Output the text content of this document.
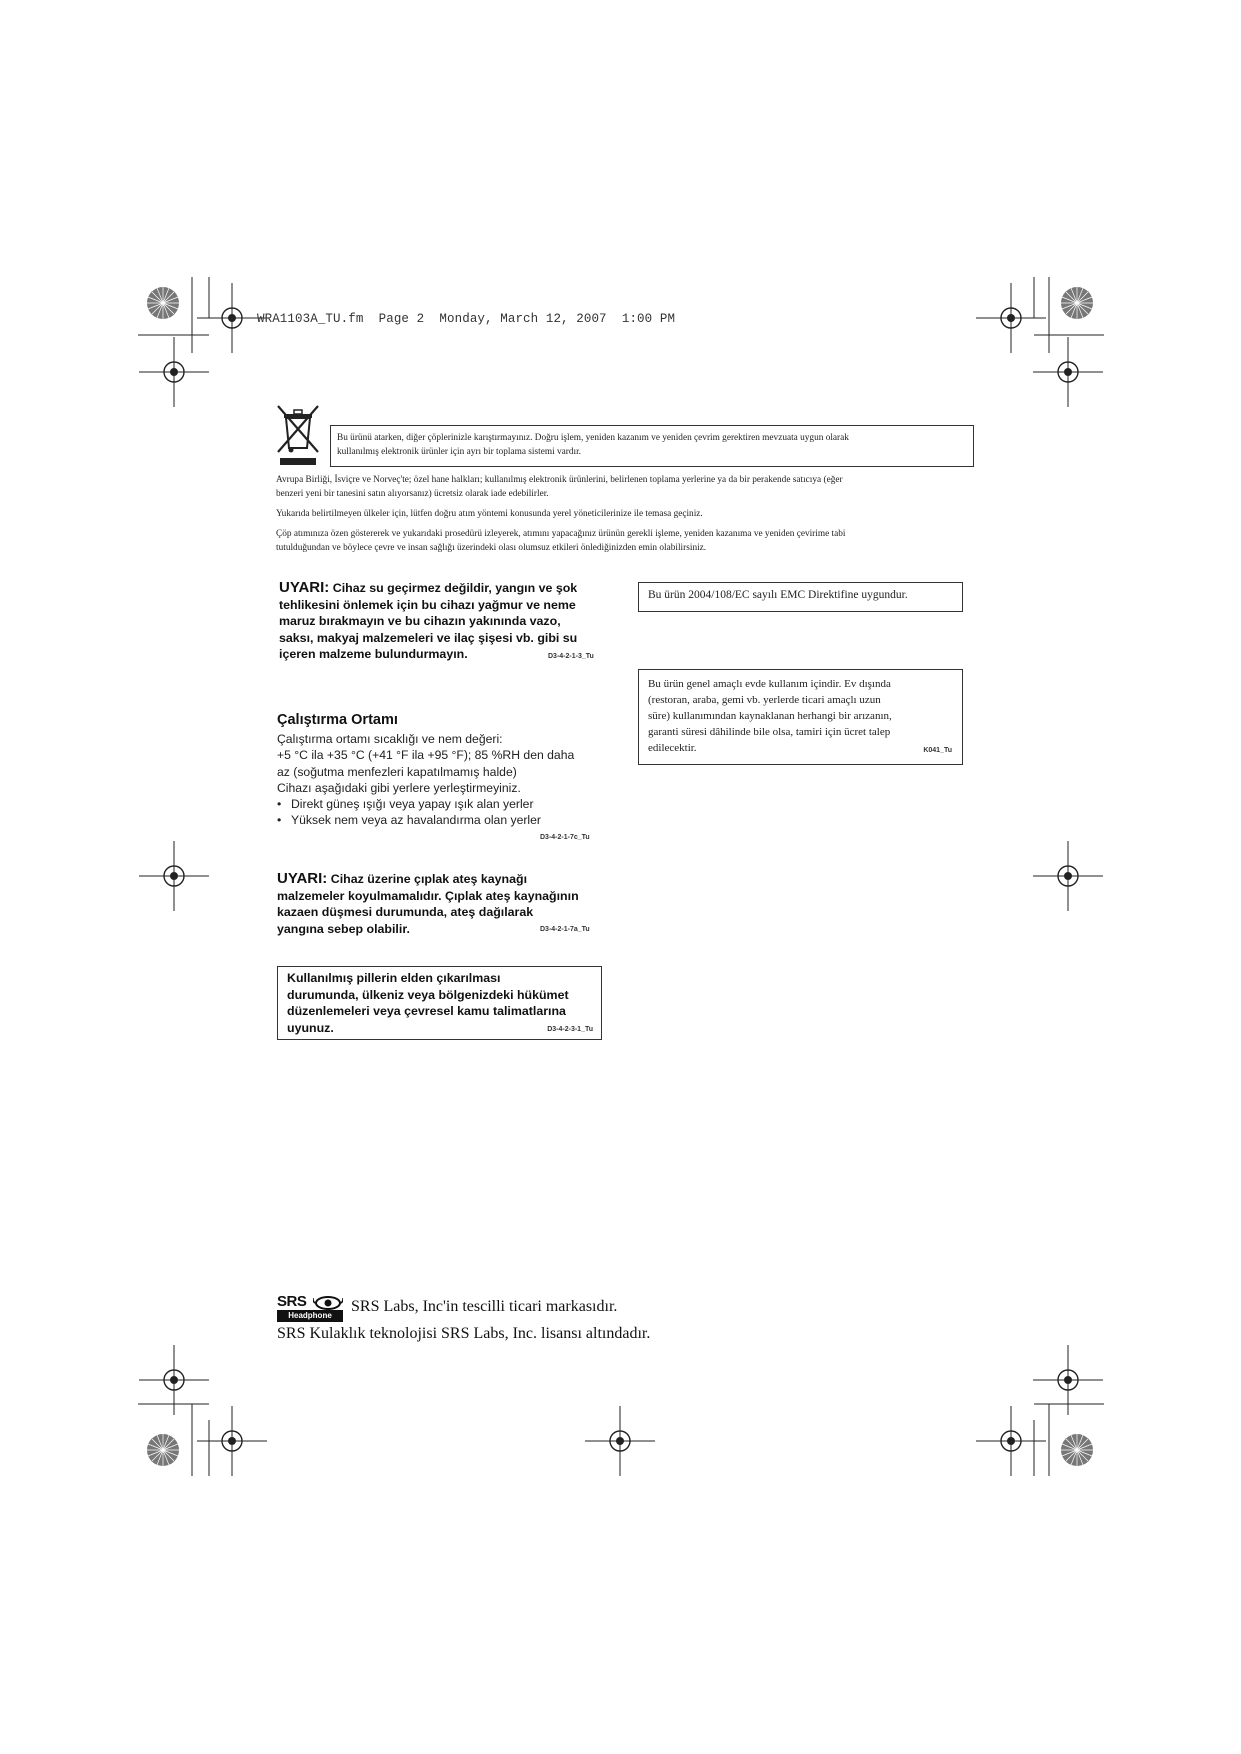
WRA1103A_TU.fm  Page 2  Monday, March 12, 2007  1:00 PM
Bu ürünü atarken, diğer çöplerinizle karıştırmayınız. Doğru işlem, yeniden kazanım ve yeniden çevrim gerektiren mevzuata uygun olarak
kullanılmış elektronik ürünler için ayrı bir toplama sistemi vardır.
Avrupa Birliği, İsviçre ve Norveç'te; özel hane halkları; kullanılmış elektronik ürünlerini, belirlenen toplama yerlerine ya da bir perakende satıcıya (eğer
benzeri yeni bir tanesini satın alıyorsanız) ücretsiz olarak iade edebilirler.
Yukarıda belirtilmeyen ülkeler için, lütfen doğru atım yöntemi konusunda yerel yöneticilerinize ile temasa geçiniz.
Çöp atımınıza özen göstererek ve yukarıdaki prosedürü izleyerek, atımını yapacağınız ürünün gerekli işleme, yeniden kazanıma ve yeniden çevirime tabi
tutulduğundan ve böylece çevre ve insan sağlığı üzerindeki olası olumsuz etkileri önlediğinizden emin olabilirsiniz.
UYARI: Cihaz su geçirmez değildir, yangın ve şok
tehlikesini önlemek için bu cihazı yağmur ve neme
maruz bırakmayın ve bu cihazın yakınında vazo,
saksı, makyaj malzemeleri ve ilaç şişesi vb. gibi su
içeren malzeme bulundurmayın.	D3-4-2-1-3_Tu
Çalıştırma Ortamı
Çalıştırma ortamı sıcaklığı ve nem değeri:
+5 °C ila +35 °C (+41 °F ila +95 °F); 85 %RH den daha
az (soğutma menfezleri kapatılmamış halde)
Cihazı aşağıdaki gibi yerlere yerleştirmeyiniz.
• Direkt güneş ışığı veya yapay ışık alan yerler
• Yüksek nem veya az havalandırma olan yerler
D3-4-2-1-7c_Tu
UYARI: Cihaz üzerine çıplak ateş kaynağı
malzemeler koyulmamalıdır. Çıplak ateş kaynağının
kazaen düşmesi durumunda, ateş dağılarak
yangına sebep olabilir.	D3-4-2-1-7a_Tu
Kullanılmış pillerin elden çıkarılması
durumunda, ülkeniz veya bölgenizdeki hükümet
düzenlemeleri veya çevresel kamu talimatlarına
uyunuz.	D3-4-2-3-1_Tu
Bu ürün 2004/108/EC sayılı EMC Direktifine uygundur.
Bu ürün genel amaçlı evde kullanım içindir. Ev dışında
(restoran, araba, gemi vb. yerlerde ticari amaçlı uzun
süre) kullanımından kaynaklanan herhangi bir arızanın,
garanti süresi dâhilinde bile olsa, tamiri için ücret talep
edilecektir.	K041_Tu
SRS
Headphone
SRS Labs, Inc'in tescilli ticari markasıdır.
SRS Kulaklık teknolojisi SRS Labs, Inc. lisansı altındadır.
